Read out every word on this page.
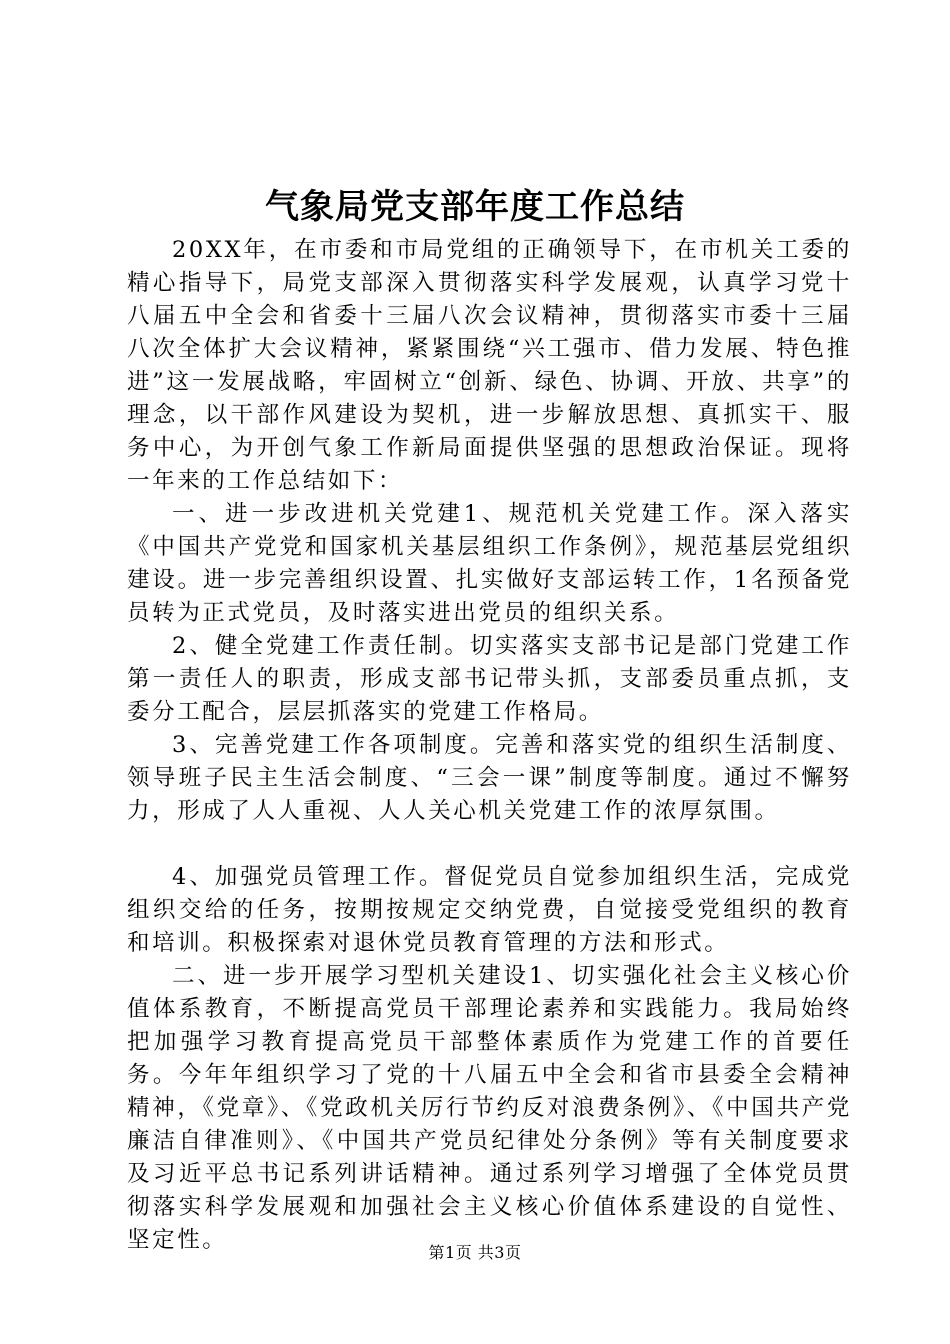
气象局党支部年度工作总结

20XX年，在市委和市局党组的正确领导下，在市机关工委的精心指导下，局党支部深入贯彻落实科学发展观，认真学习党十八届五中全会和省委十三届八次会议精神，贯彻落实市委十三届八次全体扩大会议精神，紧紧围绕“兴工强市、借力发展、特色推进”这一发展战略，牢固树立“创新、绿色、协调、开放、共享”的理念，以干部作风建设为契机，进一步解放思想、真抓实干、服务中心，为开创气象工作新局面提供坚强的思想政治保证。现将一年来的工作总结如下：

一、进一步改进机关党建1、规范机关党建工作。深入落实《中国共产党党和国家机关基层组织工作条例》，规范基层党组织建设。进一步完善组织设置、扎实做好支部运转工作，1名预备党员转为正式党员，及时落实进出党员的组织关系。

2、健全党建工作责任制。切实落实支部书记是部门党建工作第一责任人的职责，形成支部书记带头抓，支部委员重点抓，支委分工配合，层层抓落实的党建工作格局。

3、完善党建工作各项制度。完善和落实党的组织生活制度、领导班子民主生活会制度、“三会一课”制度等制度。通过不懈努力，形成了人人重视、人人关心机关党建工作的浓厚氛围。

4、加强党员管理工作。督促党员自觉参加组织生活，完成党组织交给的任务，按期按规定交纳党费，自觉接受党组织的教育和培训。积极探索对退休党员教育管理的方法和形式。

二、进一步开展学习型机关建设1、切实强化社会主义核心价值体系教育，不断提高党员干部理论素养和实践能力。我局始终把加强学习教育提高党员干部整体素质作为党建工作的首要任务。今年年组织学习了党的十八届五中全会和省市县委全会精神精神，《党章》、《党政机关厉行节约反对浪费条例》、《中国共产党廉洁自律准则》、《中国共产党员纪律处分条例》等有关制度要求及习近平总书记系列讲话精神。通过系列学习增强了全体党员贯彻落实科学发展观和加强社会主义核心价值体系建设的自觉性、坚定性。	第1页 共3页
